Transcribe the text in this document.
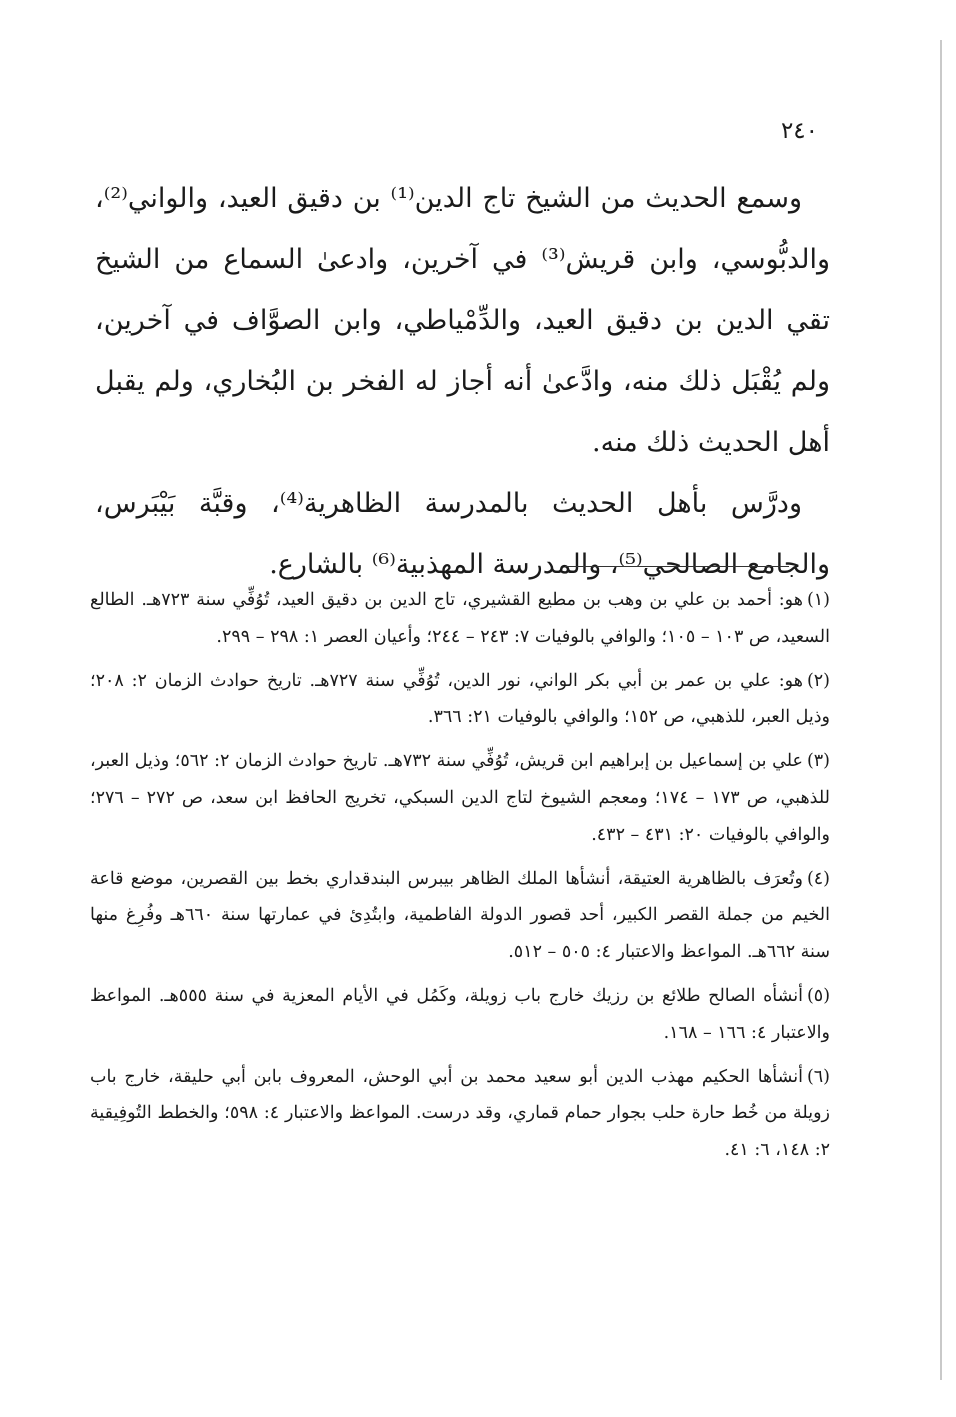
٢٤٠

وسمع الحديث من الشيخ تاج الدين⁽¹⁾ بن دقيق العيد، والواني⁽²⁾، والدبُّوسي، وابن قريش⁽³⁾ في آخرين، وادعىٰ السماع من الشيخ تقي الدين بن دقيق العيد، والدِّمْياطي، وابن الصوَّاف في آخرين، ولم يُقْبَل ذلك منه، وادَّعىٰ أنه أجاز له الفخر بن البُخاري، ولم يقبل أهل الحديث ذلك منه.

ودرَّس بأهل الحديث بالمدرسة الظاهرية⁽⁴⁾، وقبَّة بَيْبَرس، والجامع الصالحي⁽⁵⁾، والمدرسة المهذبية⁽⁶⁾ بالشارع.

(١)هو: أحمد بن علي بن وهب بن مطيع القشيري، تاج الدين بن دقيق العيد، تُوُفِّي سنة ٧٢٣هـ. الطالع السعيد، ص ١٠٣ – ١٠٥؛ والوافي بالوفيات ٧: ٢٤٣ – ٢٤٤؛ وأعيان العصر ١: ٢٩٨ – ٢٩٩.

(٢)هو: علي بن عمر بن أبي بكر الواني، نور الدين، تُوُفِّي سنة ٧٢٧هـ. تاريخ حوادث الزمان ٢: ٢٠٨؛ وذيل العبر، للذهبي، ص ١٥٢؛ والوافي بالوفيات ٢١: ٣٦٦.

(٣)علي بن إسماعيل بن إبراهيم ابن قريش، تُوُفِّي سنة ٧٣٢هـ. تاريخ حوادث الزمان ٢: ٥٦٢؛ وذيل العبر، للذهبي، ص ١٧٣ – ١٧٤؛ ومعجم الشيوخ لتاج الدين السبكي، تخريج الحافظ ابن سعد، ص ٢٧٢ – ٢٧٦؛ والوافي بالوفيات ٢٠: ٤٣١ – ٤٣٢.

(٤)وتُعرَف بالظاهرية العتيقة، أنشأها الملك الظاهر بيبرس البندقداري بخط بين القصرين، موضع قاعة الخيم من جملة القصر الكبير، أحد قصور الدولة الفاطمية، وابتُدِئ في عمارتها سنة ٦٦٠هـ وفُرِغ منها سنة ٦٦٢هـ. المواعظ والاعتبار ٤: ٥٠٥ – ٥١٢.

(٥)أنشأه الصالح طلائع بن رزيك خارج باب زويلة، وكَمُل في الأيام المعزية في سنة ٥٥٥هـ. المواعظ والاعتبار ٤: ١٦٦ – ١٦٨.

(٦)أنشأها الحكيم مهذب الدين أبو سعيد محمد بن أبي الوحش، المعروف بابن أبي حليقة، خارج باب زويلة من خُط حارة حلب بجوار حمام قماري، وقد درست. المواعظ والاعتبار ٤: ٥٩٨؛ والخطط التُوفِيقية ٢: ١٤٨، ٦: ٤١.
